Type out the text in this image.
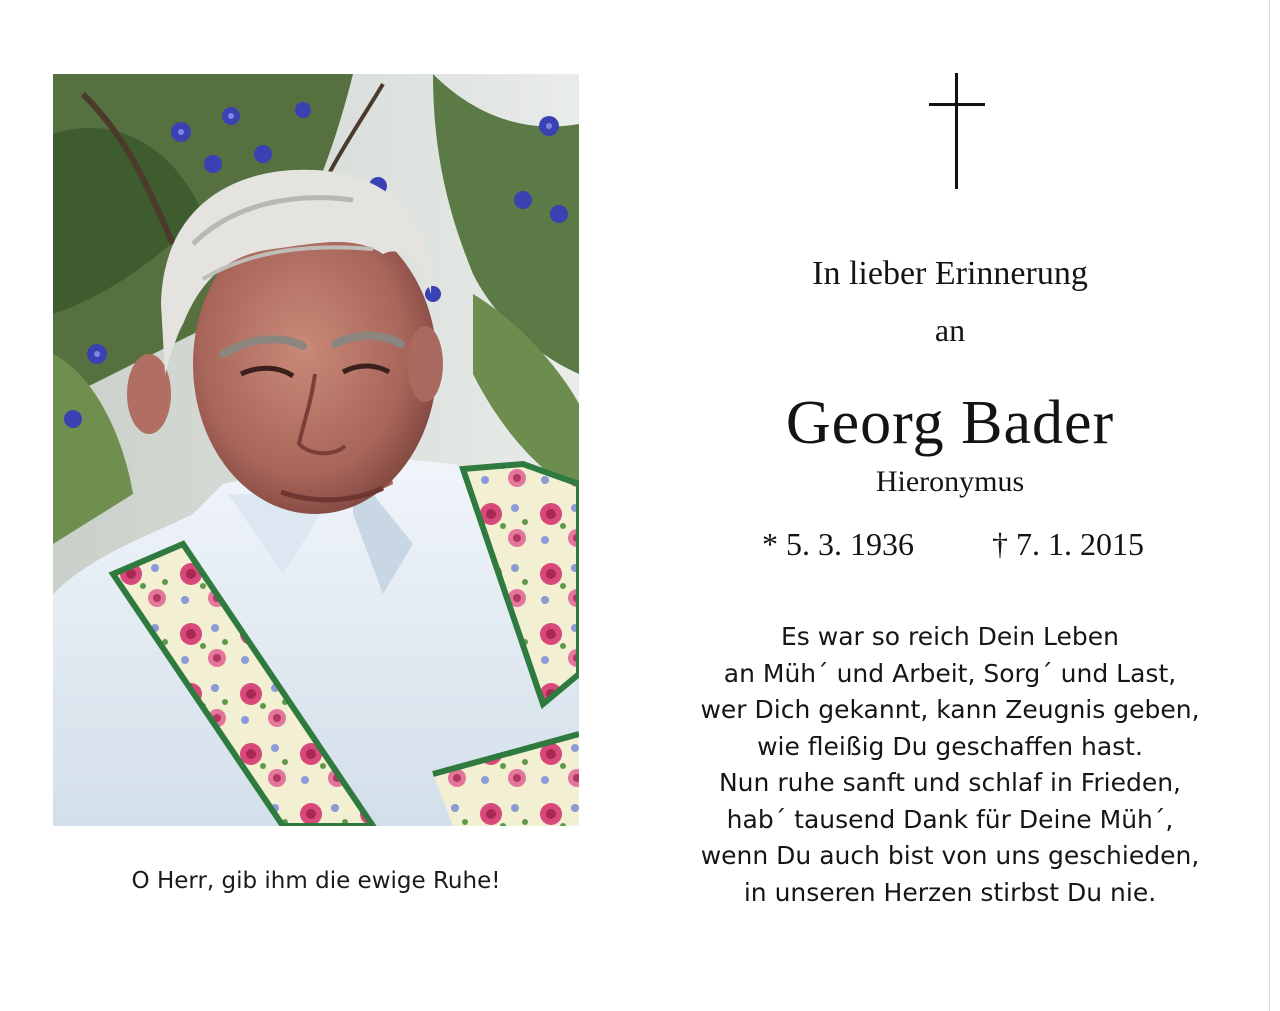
O Herr, gib ihm die ewige Ruhe!
In lieber Erinnerung
an
Georg Bader
Hieronymus
* 5. 3. 1936 † 7. 1. 2015
Es war so reich Dein Leben
an Müh´ und Arbeit, Sorg´ und Last,
wer Dich gekannt, kann Zeugnis geben,
wie fleißig Du geschaffen hast.
Nun ruhe sanft und schlaf in Frieden,
hab´ tausend Dank für Deine Müh´,
wenn Du auch bist von uns geschieden,
in unseren Herzen stirbst Du nie.
